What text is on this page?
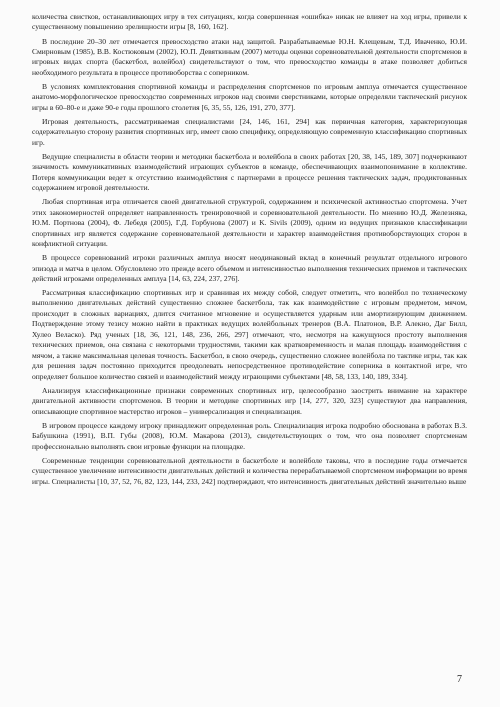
количества свистков, останавливающих игру в тех ситуациях, когда совершенная «ошибка» никак не влияет на ход игры, привели к существенному повышению зрелищности игры [8, 160, 162].

В последние 20–30 лет отмечается превосходство атаки над защитой. Разрабатываемые Ю.Н. Клещевым, Т.Д. Иваченко, Ю.И. Смирновым (1985), В.В. Костюковым (2002), Ю.П. Девяткиным (2007) методы оценки соревновательной деятельности спортсменов в игровых видах спорта (баскетбол, волейбол) свидетельствуют о том, что превосходство команды в атаке позволяет добиться необходимого результата в процессе противоборства с соперником.

В условиях комплектования спортивной команды и распределения спортсменов по игровым амплуа отмечается существенное анатомо-морфологическое превосходство современных игроков над своими сверстниками, которые определяли тактический рисунок игры в 60–80-е и даже 90-е годы прошлого столетия [6, 35, 55, 126, 191, 270, 377].

Игровая деятельность, рассматриваемая специалистами [24, 146, 161, 294] как первичная категория, характеризующая содержательную сторону развития спортивных игр, имеет свою специфику, определяющую современную классификацию спортивных игр.

Ведущие специалисты в области теории и методики баскетбола и волейбола в своих работах [20, 38, 145, 189, 307] подчеркивают значимость коммуникативных взаимодействий играющих субъектов в команде, обеспечивающих взаимопонимание в коллективе. Потеря коммуникации ведет к отсутствию взаимодействия с партнерами в процессе решения тактических задач, продиктованных содержанием игровой деятельности.

Любая спортивная игра отличается своей двигательной структурой, содержанием и психической активностью спортсмена. Учет этих закономерностей определяет направленность тренировочной и соревновательной деятельности. По мнению Ю.Д. Железняка, Ю.М. Портнова (2004), Ф. Лебедя (2005), Г.Д. Горбунова (2007) и K. Sivils (2009), одним из ведущих признаков классификации спортивных игр является содержание соревновательной деятельности и характер взаимодействия противоборствующих сторон в конфликтной ситуации.

В процессе соревнований игроки различных амплуа вносят неодинаковый вклад в конечный результат отдельного игрового эпизода и матча в целом. Обусловлено это прежде всего объемом и интенсивностью выполнения технических приемов и тактических действий игроками определенных амплуа [14, 63, 224, 237, 276].

Рассматривая классификацию спортивных игр и сравнивая их между собой, следует отметить, что волейбол по техническому выполнению двигательных действий существенно сложнее баскетбола, так как взаимодействие с игровым предметом, мячом, происходит в сложных вариациях, длится считанное мгновение и осуществляется ударным или амортизирующим движением. Подтверждение этому тезису можно найти в практиках ведущих волейбольных тренеров (В.А. Платонов, В.Р. Алекно, Даг Билл, Хулео Веласко). Ряд ученых [18, 36, 121, 148, 236, 266, 297] отмечают, что, несмотря на кажущуюся простоту выполнения технических приемов, она связана с некоторыми трудностями, такими как кратковременность и малая площадь взаимодействия с мячом, а также максимальная целевая точность. Баскетбол, в свою очередь, существенно сложнее волейбола по тактике игры, так как для решения задач постоянно приходится преодолевать непосредственное противодействие соперника в контактной игре, что определяет большое количество связей и взаимодействий между играющими субъектами [48, 58, 133, 140, 189, 334].

Анализируя классификационные признаки современных спортивных игр, целесообразно заострить внимание на характере двигательной активности спортсменов. В теории и методике спортивных игр [14, 277, 320, 323] существуют два направления, описывающие спортивное мастерство игроков – универсализация и специализация.

В игровом процессе каждому игроку принадлежит определенная роль. Специализация игрока подробно обоснована в работах В.З. Бабушкина (1991), В.П. Губы (2008), Ю.М. Макарова (2013), свидетельствующих о том, что она позволяет спортсменам профессионально выполнять свои игровые функции на площадке.

Современные тенденции соревновательной деятельности в баскетболе и волейболе таковы, что в последние годы отмечается существенное увеличение интенсивности двигательных действий и количества перерабатываемой спортсменом информации во время игры. Специалисты [10, 37, 52, 76, 82, 123, 144, 233, 242] подтверждают, что интенсивность двигательных действий значительно выше

7
